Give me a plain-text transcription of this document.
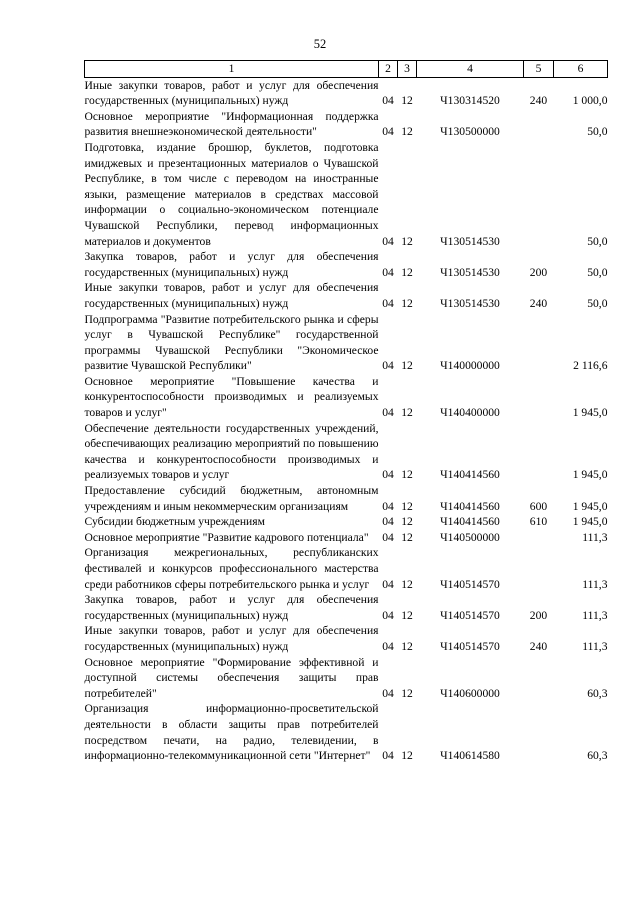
52
1	2	3	4	5	6
Иные закупки товаров, работ и услуг для обеспечения государственных (муниципальных) нужд	04	12	Ч130314520	240	1 000,0
Основное мероприятие "Информационная поддержка развития внешнеэкономической деятельности"	04	12	Ч130500000		50,0
Подготовка, издание брошюр, буклетов, подготовка имиджевых и презентационных материалов о Чувашской Республике, в том числе с переводом на иностранные языки, размещение материалов в средствах массовой информации о социально-экономическом потенциале Чувашской Республики, перевод информационных материалов и документов	04	12	Ч130514530		50,0
Закупка товаров, работ и услуг для обеспечения государственных (муниципальных) нужд	04	12	Ч130514530	200	50,0
Иные закупки товаров, работ и услуг для обеспечения государственных (муниципальных) нужд	04	12	Ч130514530	240	50,0
Подпрограмма "Развитие потребительского рынка и сферы услуг в Чувашской Республике" государственной программы Чувашской Республики "Экономическое развитие Чувашской Республики"	04	12	Ч140000000		2 116,6
Основное мероприятие "Повышение качества и конкурентоспособности производимых и реализуемых товаров и услуг"	04	12	Ч140400000		1 945,0
Обеспечение деятельности государственных учреждений, обеспечивающих реализацию мероприятий по повышению качества и конкурентоспособности производимых и реализуемых товаров и услуг	04	12	Ч140414560		1 945,0
Предоставление субсидий бюджетным, автономным учреждениям и иным некоммерческим организациям	04	12	Ч140414560	600	1 945,0
Субсидии бюджетным учреждениям	04	12	Ч140414560	610	1 945,0
Основное мероприятие "Развитие кадрового потенциала"	04	12	Ч140500000		111,3
Организация межрегиональных, республиканских фестивалей и конкурсов профессионального мастерства среди работников сферы потребительского рынка и услуг	04	12	Ч140514570		111,3
Закупка товаров, работ и услуг для обеспечения государственных (муниципальных) нужд	04	12	Ч140514570	200	111,3
Иные закупки товаров, работ и услуг для обеспечения государственных (муниципальных) нужд	04	12	Ч140514570	240	111,3
Основное мероприятие "Формирование эффективной и доступной системы обеспечения защиты прав потребителей"	04	12	Ч140600000		60,3
Организация информационно-просветительской деятельности в области защиты прав потребителей посредством печати, на радио, телевидении, в информационно-телекоммуникационной сети "Интернет"	04	12	Ч140614580		60,3
